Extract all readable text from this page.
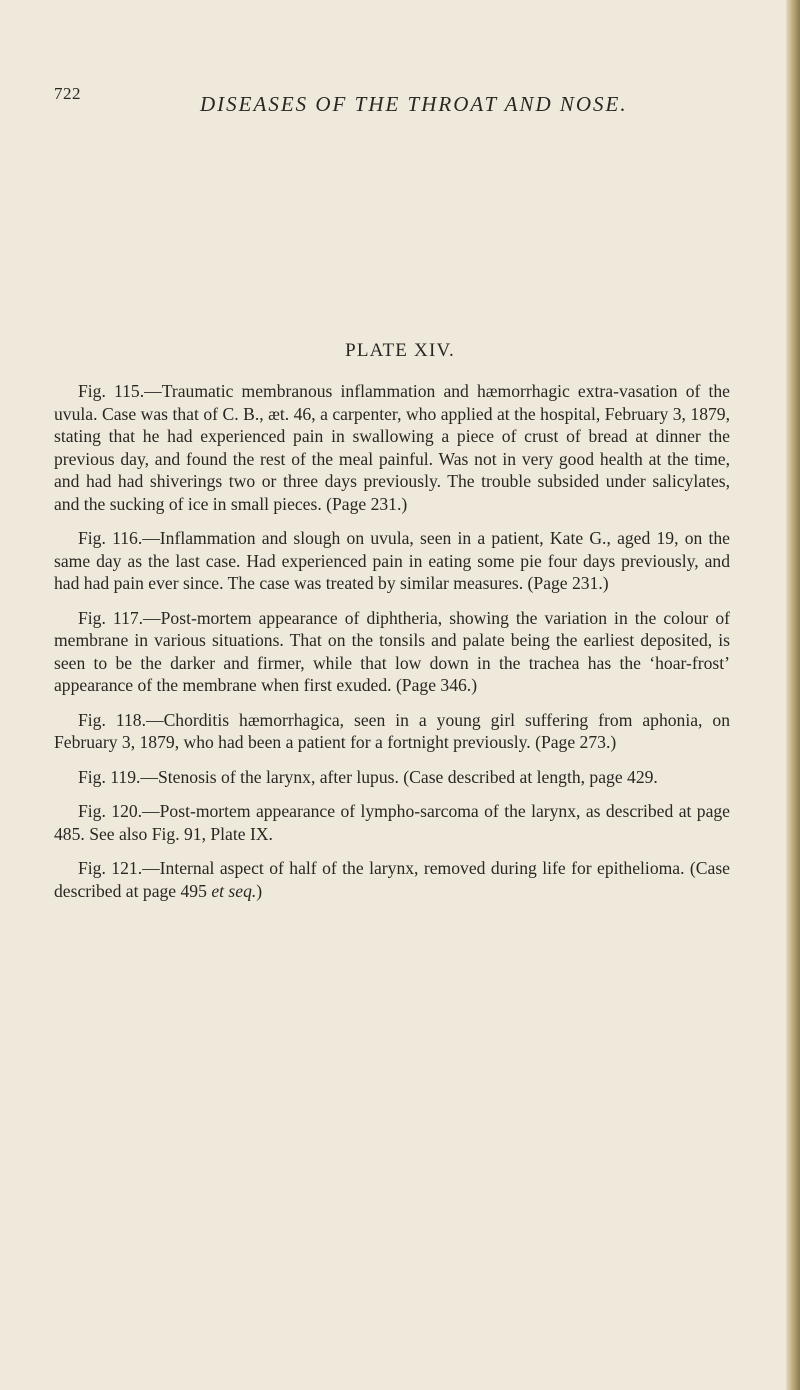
722	DISEASES OF THE THROAT AND NOSE.
PLATE XIV.

Fig. 115.—Traumatic membranous inflammation and hæmorrhagic extra-vasation of the uvula. Case was that of C. B., æt. 46, a carpenter, who applied at the hospital, February 3, 1879, stating that he had experienced pain in swallowing a piece of crust of bread at dinner the previous day, and found the rest of the meal painful. Was not in very good health at the time, and had had shiverings two or three days previously. The trouble subsided under salicylates, and the sucking of ice in small pieces. (Page 231.)

Fig. 116.—Inflammation and slough on uvula, seen in a patient, Kate G., aged 19, on the same day as the last case. Had experienced pain in eating some pie four days previously, and had had pain ever since. The case was treated by similar measures. (Page 231.)

Fig. 117.—Post-mortem appearance of diphtheria, showing the variation in the colour of membrane in various situations. That on the tonsils and palate being the earliest deposited, is seen to be the darker and firmer, while that low down in the trachea has the ‘hoar-frost’ appearance of the membrane when first exuded. (Page 346.)

Fig. 118.—Chorditis hæmorrhagica, seen in a young girl suffering from aphonia, on February 3, 1879, who had been a patient for a fortnight previously. (Page 273.)

Fig. 119.—Stenosis of the larynx, after lupus. (Case described at length, page 429.

Fig. 120.—Post-mortem appearance of lympho-sarcoma of the larynx, as described at page 485. See also Fig. 91, Plate IX.

Fig. 121.—Internal aspect of half of the larynx, removed during life for epithelioma. (Case described at page 495 et seq.)
